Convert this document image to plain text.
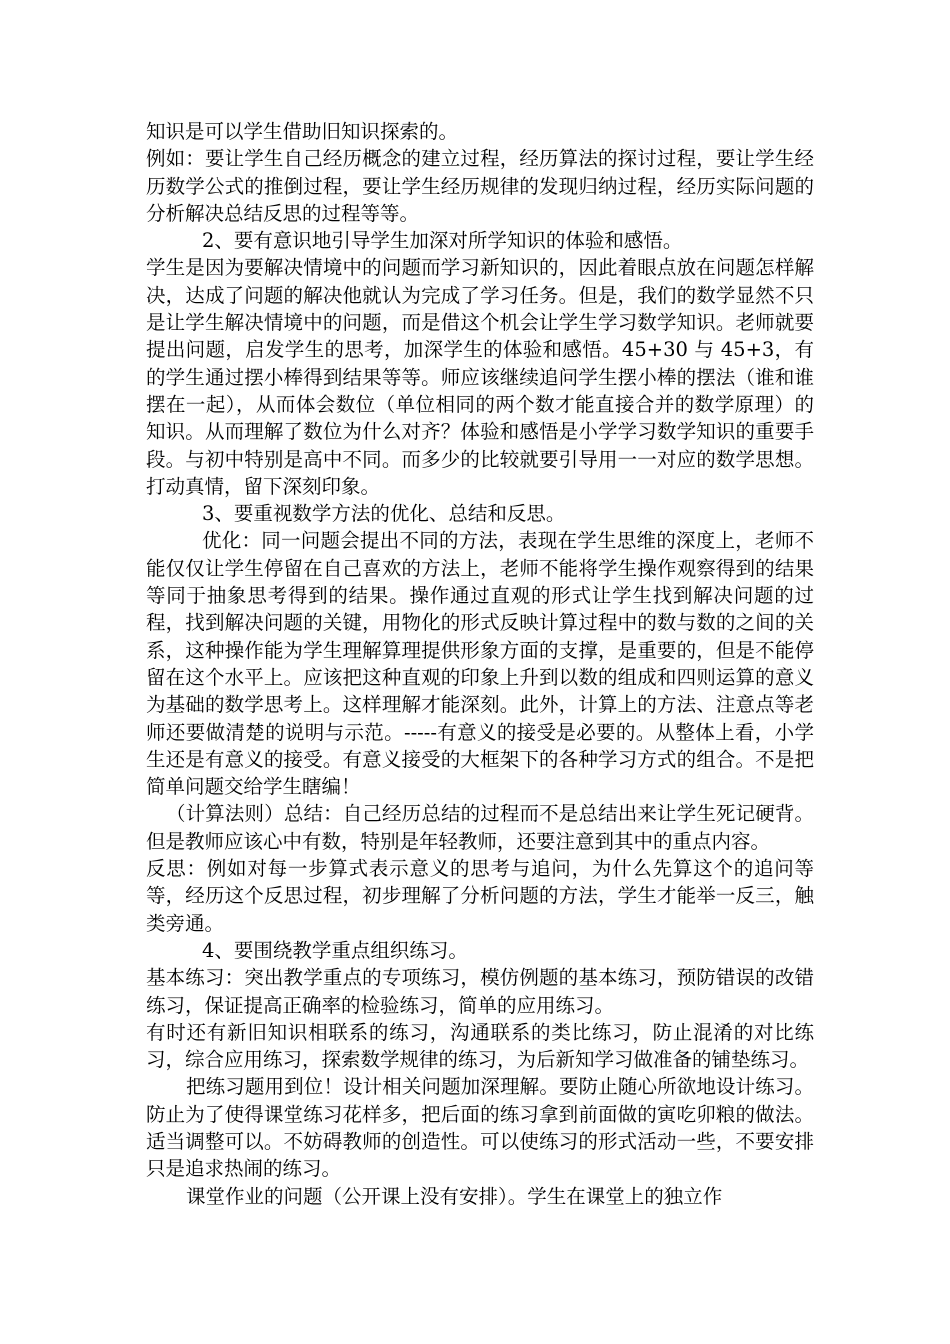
知识是可以学生借助旧知识探索的。

例如：要让学生自己经历概念的建立过程，经历算法的探讨过程，要让学生经历数学公式的推倒过程，要让学生经历规律的发现归纳过程，经历实际问题的分析解决总结反思的过程等等。

2、要有意识地引导学生加深对所学知识的体验和感悟。

学生是因为要解决情境中的问题而学习新知识的，因此着眼点放在问题怎样解决，达成了问题的解决他就认为完成了学习任务。但是，我们的数学显然不只是让学生解决情境中的问题，而是借这个机会让学生学习数学知识。老师就要提出问题，启发学生的思考，加深学生的体验和感悟。45+30 与 45+3，有的学生通过摆小棒得到结果等等。师应该继续追问学生摆小棒的摆法（谁和谁摆在一起），从而体会数位（单位相同的两个数才能直接合并的数学原理）的知识。从而理解了数位为什么对齐？体验和感悟是小学学习数学知识的重要手段。与初中特别是高中不同。而多少的比较就要引导用一一对应的数学思想。打动真情，留下深刻印象。

3、要重视数学方法的优化、总结和反思。

优化：同一问题会提出不同的方法，表现在学生思维的深度上，老师不能仅仅让学生停留在自己喜欢的方法上，老师不能将学生操作观察得到的结果等同于抽象思考得到的结果。操作通过直观的形式让学生找到解决问题的过程，找到解决问题的关键，用物化的形式反映计算过程中的数与数的之间的关系，这种操作能为学生理解算理提供形象方面的支撑，是重要的，但是不能停留在这个水平上。应该把这种直观的印象上升到以数的组成和四则运算的意义为基础的数学思考上。这样理解才能深刻。此外，计算上的方法、注意点等老师还要做清楚的说明与示范。-----有意义的接受是必要的。从整体上看，小学生还是有意义的接受。有意义接受的大框架下的各种学习方式的组合。不是把简单问题交给学生瞎编！

（计算法则）总结：自己经历总结的过程而不是总结出来让学生死记硬背。但是教师应该心中有数，特别是年轻教师，还要注意到其中的重点内容。

反思：例如对每一步算式表示意义的思考与追问，为什么先算这个的追问等等，经历这个反思过程，初步理解了分析问题的方法，学生才能举一反三，触类旁通。

4、要围绕教学重点组织练习。

基本练习：突出教学重点的专项练习，模仿例题的基本练习，预防错误的改错练习，保证提高正确率的检验练习，简单的应用练习。

有时还有新旧知识相联系的练习，沟通联系的类比练习，防止混淆的对比练习，综合应用练习，探索数学规律的练习，为后新知学习做准备的铺垫练习。

把练习题用到位！设计相关问题加深理解。要防止随心所欲地设计练习。防止为了使得课堂练习花样多，把后面的练习拿到前面做的寅吃卯粮的做法。适当调整可以。不妨碍教师的创造性。可以使练习的形式活动一些，不要安排只是追求热闹的练习。

课堂作业的问题（公开课上没有安排）。学生在课堂上的独立作
